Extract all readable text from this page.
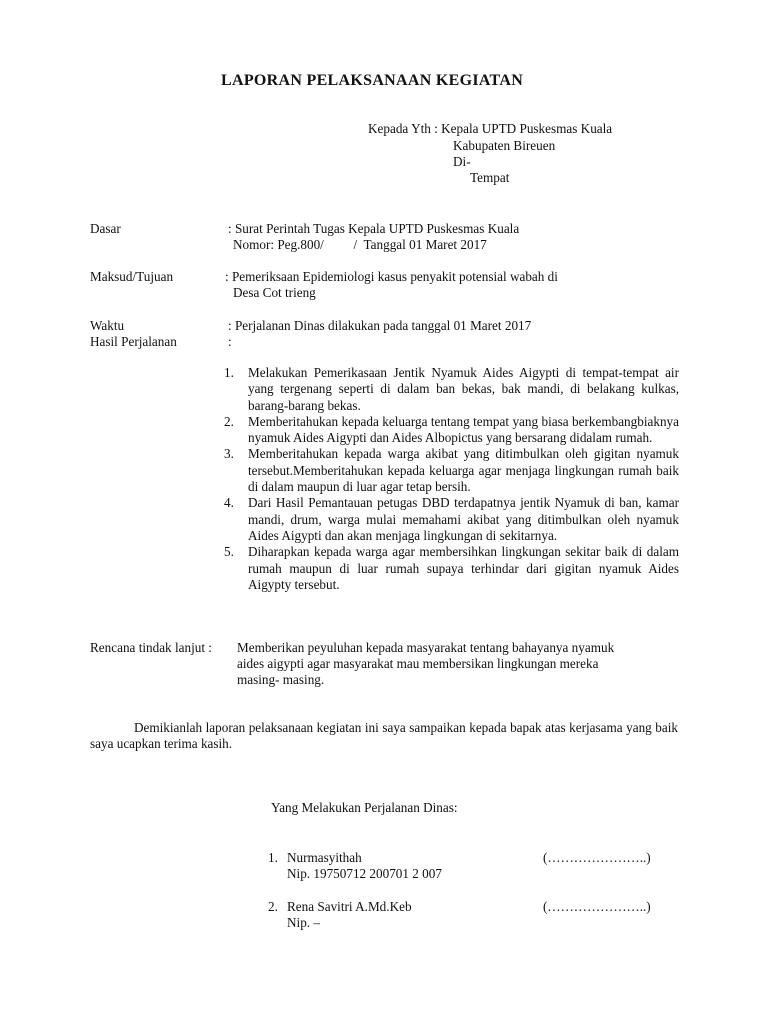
LAPORAN PELAKSANAAN KEGIATAN
Kepada Yth : Kepala UPTD Puskesmas Kuala
Kabupaten Bireuen
Di-
Tempat
Dasar	: Surat Perintah Tugas Kepala UPTD Puskesmas Kuala
Nomor: Peg.800/         /  Tanggal 01 Maret 2017
Maksud/Tujuan	: Pemeriksaan Epidemiologi kasus penyakit potensial wabah di
Desa Cot trieng
Waktu	: Perjalanan Dinas dilakukan pada tanggal 01 Maret 2017
Hasil Perjalanan	:
1. Melakukan Pemerikasaan Jentik Nyamuk Aides Aigypti di tempat-tempat air yang tergenang seperti di dalam ban bekas, bak mandi, di belakang kulkas, barang-barang bekas.
2. Memberitahukan kepada keluarga tentang tempat yang biasa berkembangbiaknya nyamuk Aides Aigypti dan Aides Albopictus yang bersarang didalam rumah.
3. Memberitahukan kepada warga akibat yang ditimbulkan oleh gigitan nyamuk tersebut.Memberitahukan kepada keluarga agar menjaga lingkungan rumah baik di dalam maupun di luar agar tetap bersih.
4. Dari Hasil Pemantauan petugas DBD terdapatnya jentik Nyamuk di ban, kamar mandi, drum, warga mulai memahami akibat yang ditimbulkan oleh nyamuk Aides Aigypti dan akan menjaga lingkungan di sekitarnya.
5. Diharapkan kepada warga agar membersihkan lingkungan sekitar baik di dalam rumah maupun di luar rumah supaya terhindar dari gigitan nyamuk Aides Aigypty tersebut.
Rencana tindak lanjut : Memberikan peyuluhan kepada masyarakat tentang bahayanya nyamuk
aides aigypti agar masyarakat mau membersikan lingkungan mereka
masing- masing.
Demikianlah laporan pelaksanaan kegiatan ini saya sampaikan kepada bapak atas kerjasama yang baik saya ucapkan terima kasih.
Yang Melakukan Perjalanan Dinas:
1. Nurmasyithah
Nip. 19750712 200701 2 007
(…………………..)
2. Rena Savitri A.Md.Keb
Nip. –
(…………………..)
